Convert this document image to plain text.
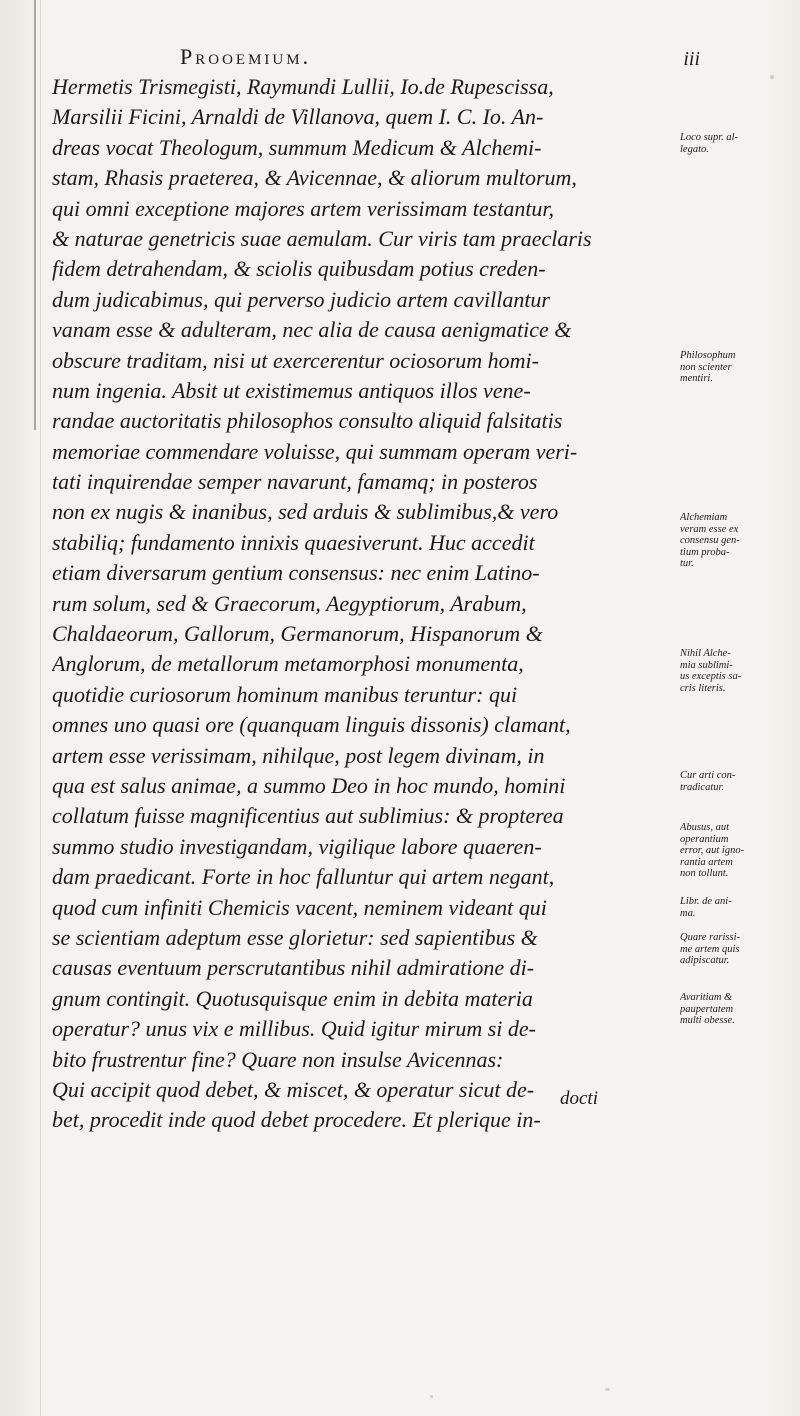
Prooemium.	iii
Hermetis Trismegisti, Raymundi Lullii, Io.de Rupescissa,
Marsilii Ficini, Arnaldi de Villanova, quem I. C. Io. An-
dreas vocat Theologum, summum Medicum & Alchemi-
stam, Rhasis praeterea, & Avicennae, & aliorum multorum,
qui omni exceptione majores artem verissimam testantur,
& naturae genetricis suae aemulam. Cur viris tam praeclaris
fidem detrahendam, & sciolis quibusdam potius creden-
dum judicabimus, qui perverso judicio artem cavillantur
vanam esse & adulteram, nec alia de causa aenigmatice &
obscure traditam, nisi ut exercerentur ociosorum homi-
num ingenia. Absit ut existimemus antiquos illos vene-
randae auctoritatis philosophos consulto aliquid falsitatis
memoriae commendare voluisse, qui summam operam veri-
tati inquirendae semper navarunt, famamq; in posteros
non ex nugis & inanibus, sed arduis & sublimibus,& vero
stabiliq; fundamento innixis quaesiverunt. Huc accedit
etiam diversarum gentium consensus: nec enim Latino-
rum solum, sed & Graecorum, Aegyptiorum, Arabum,
Chaldaeorum, Gallorum, Germanorum, Hispanorum &
Anglorum, de metallorum metamorphosi monumenta,
quotidie curiosorum hominum manibus teruntur: qui
omnes uno quasi ore (quanquam linguis dissonis) clamant,
artem esse verissimam, nihilque, post legem divinam, in
qua est salus animae, a summo Deo in hoc mundo, homini
collatum fuisse magnificentius aut sublimius: & propterea
summo studio investigandam, vigilique labore quaeren-
dam praedicant. Forte in hoc falluntur qui artem negant,
quod cum infiniti Chemicis vacent, neminem videant qui
se scientiam adeptum esse glorietur: sed sapientibus &
causas eventuum perscrutantibus nihil admiratione di-
gnum contingit. Quotusquisque enim in debita materia
operatur? unus vix e millibus. Quid igitur mirum si de-
bito frustrentur fine? Quare non insulse Avicennas:
Qui accipit quod debet, & miscet, & operatur sicut de-
bet, procedit inde quod debet procedere. Et plerique in-
docti
Loco supr. al-
legato.
Philosophum
non scienter
mentiri.
Alchemiam
veram esse ex
consensu gen-
tium proba-
tur.
Nihil Alche-
mia sublimi-
us exceptis sa-
cris literis.
Cur arti con-
tradicatur.
Abusus, aut
operantium
error, aut igno-
rantia artem
non tollunt.
Libr. de ani-
ma.
Quare rarissi-
me artem quis
adipiscatur.
Avaritiam &
paupertatem
multi obesse.
